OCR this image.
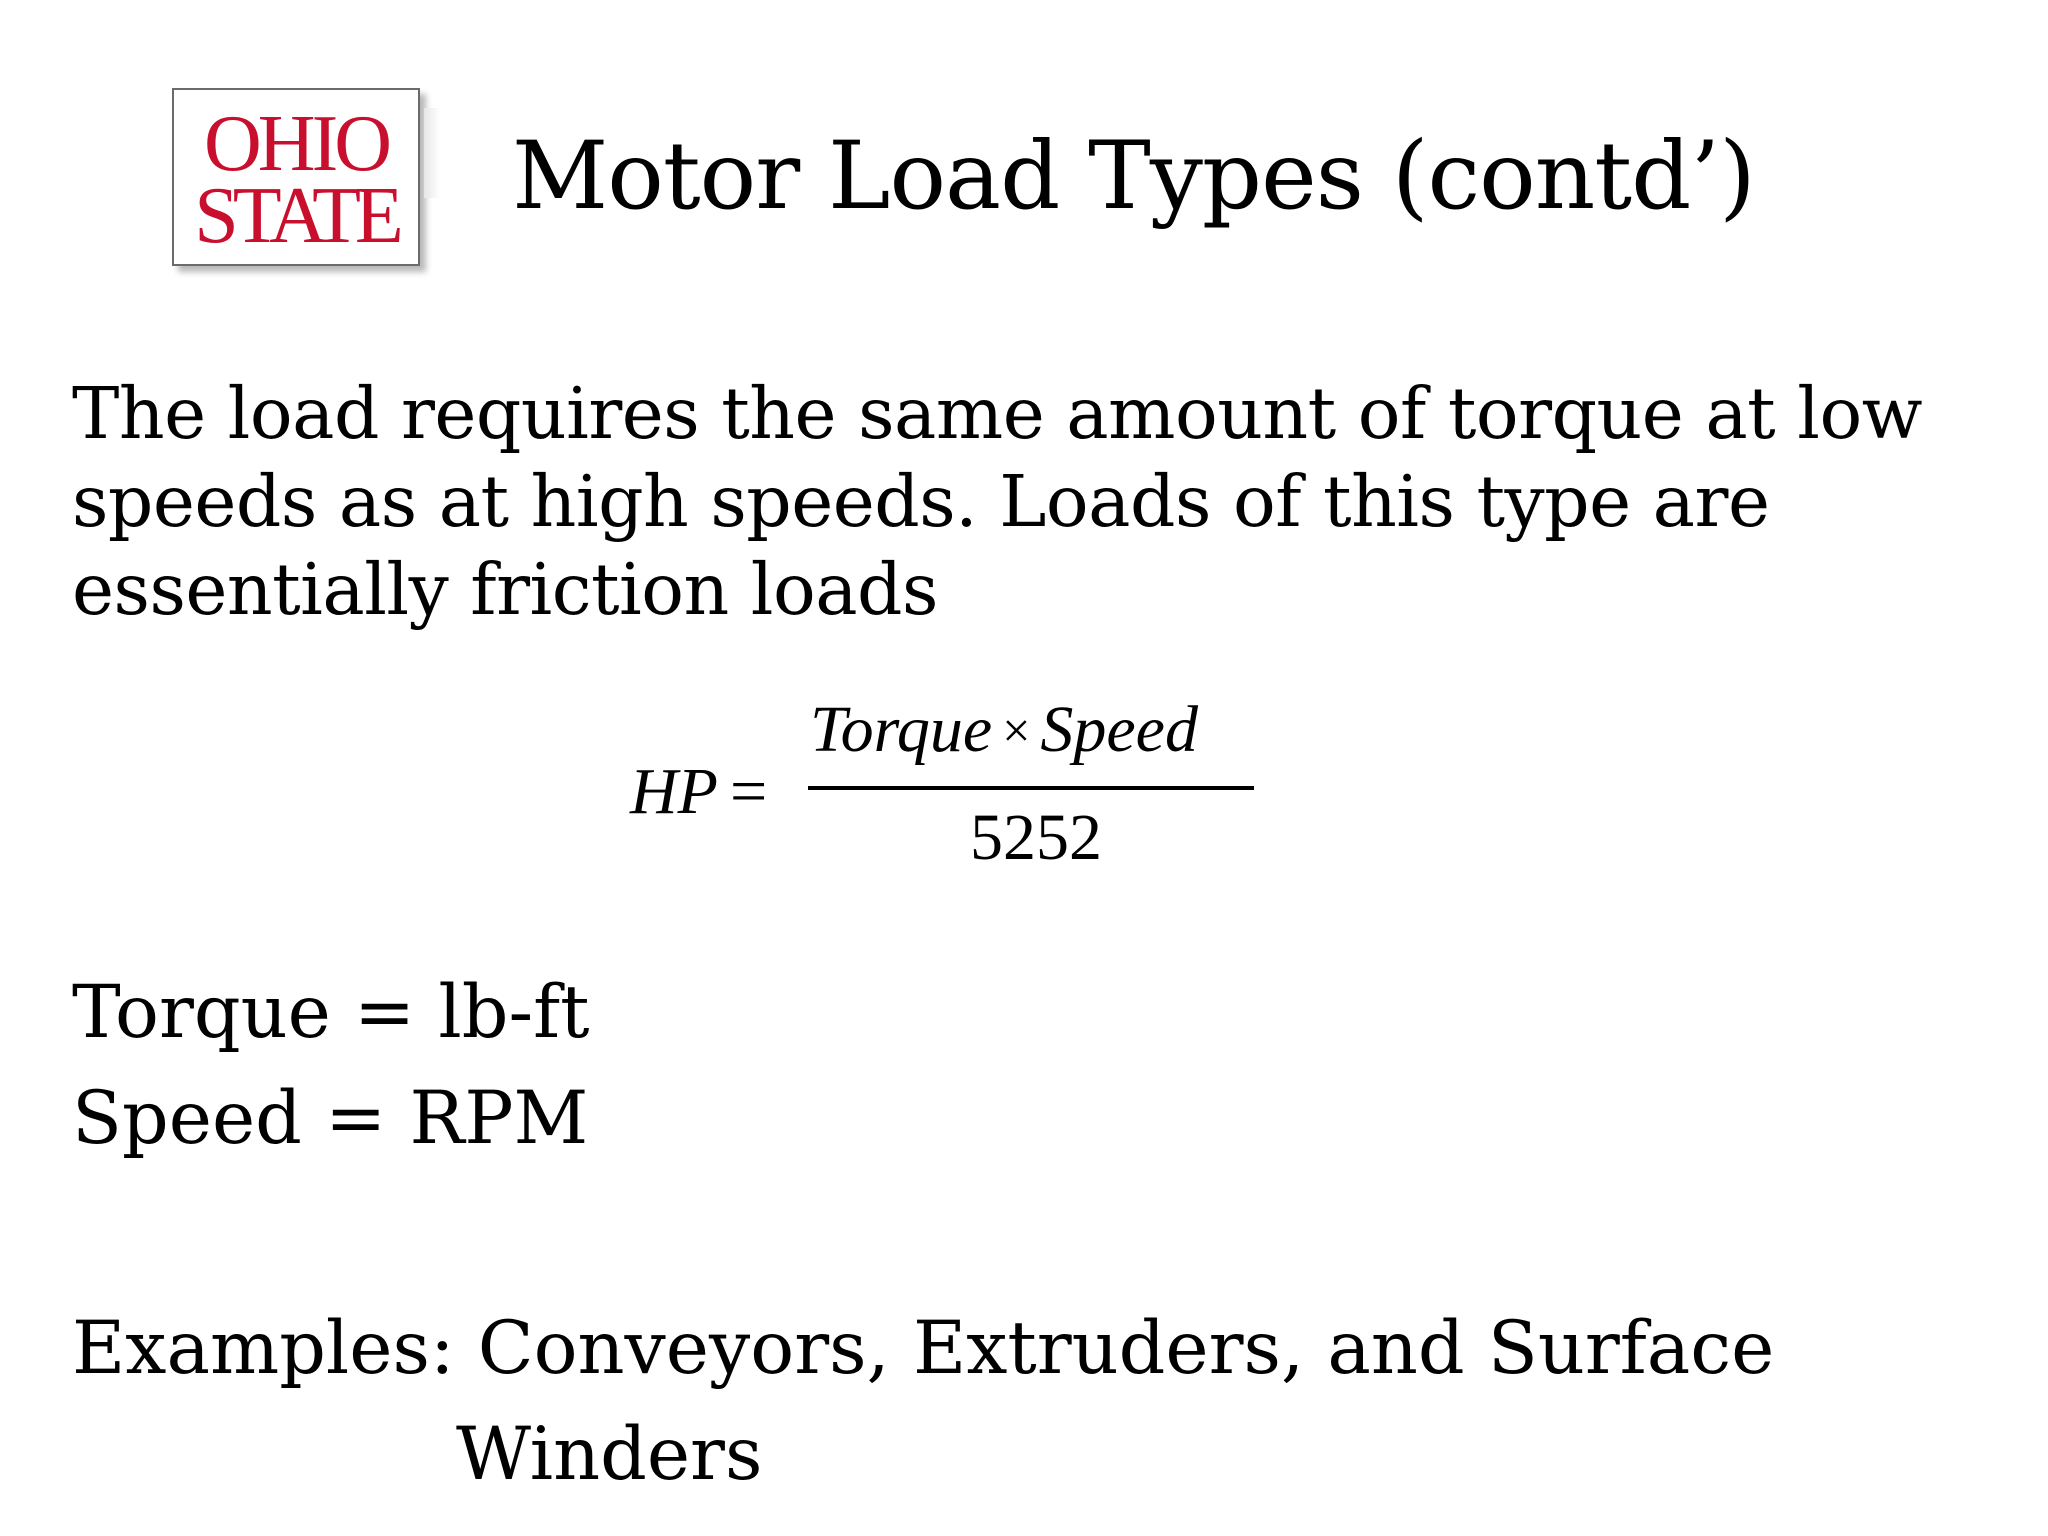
OHIO
STATE Motor Load Types (contd’)

The load requires the same amount of torque at low
speeds as at high speeds. Loads of this type are
essentially friction loads

HP =
Torque × Speed
5252
Torque = lb-ft
Speed = RPM
Examples: Conveyors, Extruders, and Surface
Winders
